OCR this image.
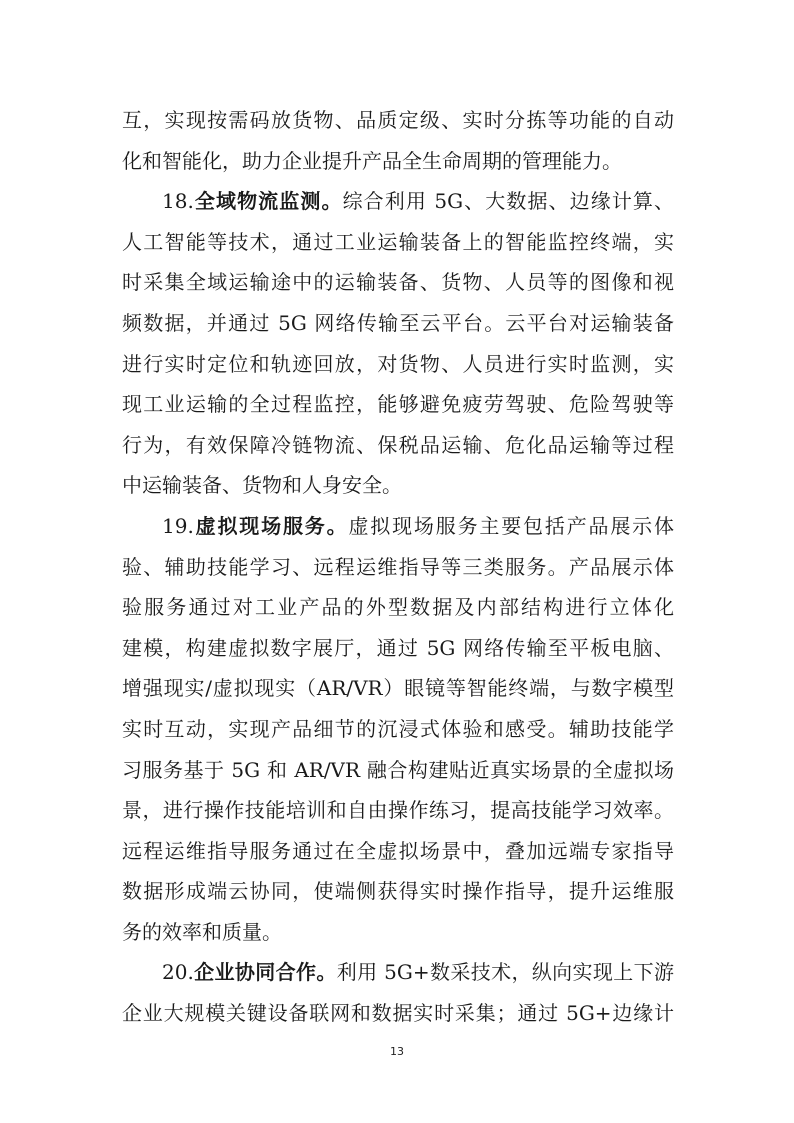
互，实现按需码放货物、品质定级、实时分拣等功能的自动
化和智能化，助力企业提升产品全生命周期的管理能力。
18.全域物流监测。综合利用 5G、大数据、边缘计算、
人工智能等技术，通过工业运输装备上的智能监控终端，实
时采集全域运输途中的运输装备、货物、人员等的图像和视
频数据，并通过 5G 网络传输至云平台。云平台对运输装备
进行实时定位和轨迹回放，对货物、人员进行实时监测，实
现工业运输的全过程监控，能够避免疲劳驾驶、危险驾驶等
行为，有效保障冷链物流、保税品运输、危化品运输等过程
中运输装备、货物和人身安全。
19.虚拟现场服务。虚拟现场服务主要包括产品展示体
验、辅助技能学习、远程运维指导等三类服务。产品展示体
验服务通过对工业产品的外型数据及内部结构进行立体化
建模，构建虚拟数字展厅，通过 5G 网络传输至平板电脑、
增强现实/虚拟现实（AR/VR）眼镜等智能终端，与数字模型
实时互动，实现产品细节的沉浸式体验和感受。辅助技能学
习服务基于 5G 和 AR/VR 融合构建贴近真实场景的全虚拟场
景，进行操作技能培训和自由操作练习，提高技能学习效率。
远程运维指导服务通过在全虚拟场景中，叠加远端专家指导
数据形成端云协同，使端侧获得实时操作指导，提升运维服
务的效率和质量。
20.企业协同合作。利用 5G+数采技术，纵向实现上下游
企业大规模关键设备联网和数据实时采集；通过 5G+边缘计
13
